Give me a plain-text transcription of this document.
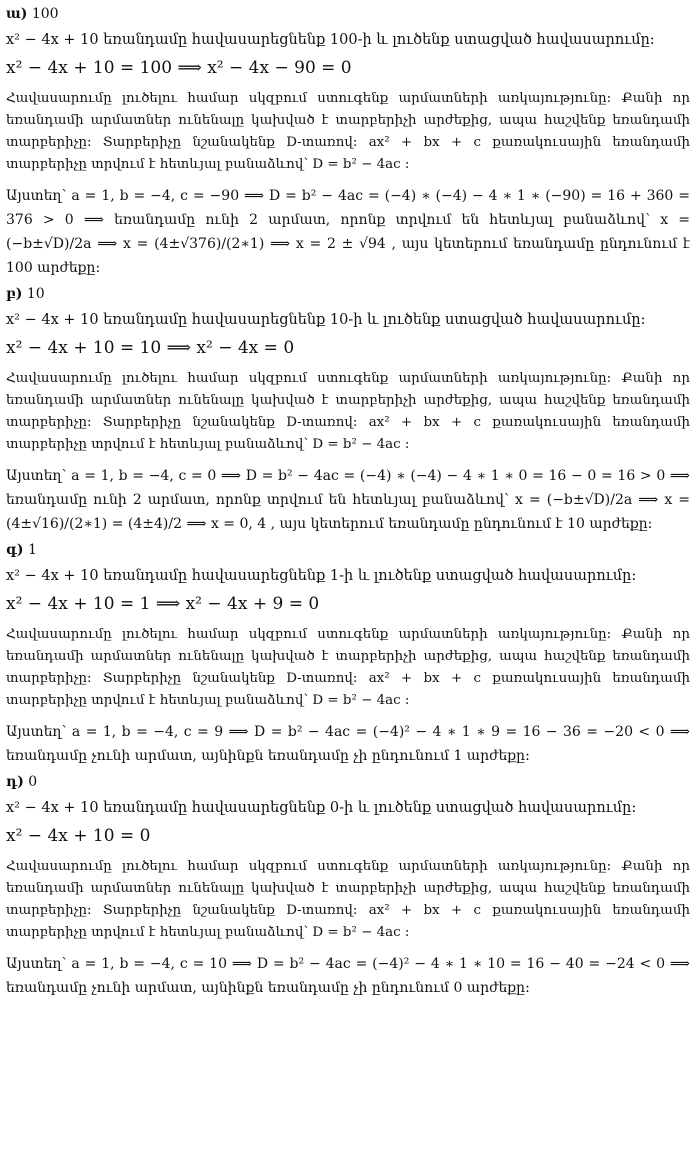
ա) 100
x² − 4x + 10 եռանդամը հավասարեցնենք 100-ի և լուծենք ստացված հավասարումը:
x² − 4x + 10 = 100 ⟹ x² − 4x − 90 = 0

Հավասարումը լուծելու համար սկզբում ստուգենք արմատների առկայությունը: Քանի որ եռանդամի արմատներ ունենալը կախված է տարբերիչի արժեքից, ապա հաշվենք եռանդամի տարբերիչը: Տարբերիչը նշանակենք D-տառով: ax² + bx + c քառակուսային եռանդամի տարբերիչը տրվում է հետևյալ բանաձևով՝ D = b² − 4ac :

Այստեղ՝ a = 1, b = −4, c = −90 ⟹ D = b² − 4ac = (−4) ∗ (−4) − 4 ∗ 1 ∗ (−90) = 16 + 360 = 376 > 0 ⟹ եռանդամը ունի 2 արմատ, որոնք տրվում են հետևյալ բանաձևով՝ x = (−b±√D)/2a ⟹ x = (4±√376)/(2∗1) ⟹ x = 2 ± √94 , այս կետերում եռանդամը ընդունում է 100 արժեքը:

բ) 10
x² − 4x + 10 եռանդամը հավասարեցնենք 10-ի և լուծենք ստացված հավասարումը:
x² − 4x + 10 = 10 ⟹ x² − 4x = 0

Հավասարումը լուծելու համար սկզբում ստուգենք արմատների առկայությունը: Քանի որ եռանդամի արմատներ ունենալը կախված է տարբերիչի արժեքից, ապա հաշվենք եռանդամի տարբերիչը: Տարբերիչը նշանակենք D-տառով: ax² + bx + c քառակուսային եռանդամի տարբերիչը տրվում է հետևյալ բանաձևով՝ D = b² − 4ac :

Այստեղ՝ a = 1, b = −4, c = 0 ⟹ D = b² − 4ac = (−4) ∗ (−4) − 4 ∗ 1 ∗ 0 = 16 − 0 = 16 > 0 ⟹ եռանդամը ունի 2 արմատ, որոնք տրվում են հետևյալ բանաձևով՝ x = (−b±√D)/2a ⟹ x = (4±√16)/(2∗1) = (4±4)/2 ⟹ x = 0, 4 , այս կետերում եռանդամը ընդունում է 10 արժեքը:

գ) 1
x² − 4x + 10 եռանդամը հավասարեցնենք 1-ի և լուծենք ստացված հավասարումը:
x² − 4x + 10 = 1 ⟹ x² − 4x + 9 = 0

Հավասարումը լուծելու համար սկզբում ստուգենք արմատների առկայությունը: Քանի որ եռանդամի արմատներ ունենալը կախված է տարբերիչի արժեքից, ապա հաշվենք եռանդամի տարբերիչը: Տարբերիչը նշանակենք D-տառով: ax² + bx + c քառակուսային եռանդամի տարբերիչը տրվում է հետևյալ բանաձևով՝ D = b² − 4ac :

Այստեղ՝ a = 1, b = −4, c = 9 ⟹ D = b² − 4ac = (−4)² − 4 ∗ 1 ∗ 9 = 16 − 36 = −20 < 0 ⟹ եռանդամը չունի արմատ, այնինքն եռանդամը չի ընդունում 1 արժեքը:

դ) 0
x² − 4x + 10 եռանդամը հավասարեցնենք 0-ի և լուծենք ստացված հավասարումը:
x² − 4x + 10 = 0

Հավասարումը լուծելու համար սկզբում ստուգենք արմատների առկայությունը: Քանի որ եռանդամի արմատներ ունենալը կախված է տարբերիչի արժեքից, ապա հաշվենք եռանդամի տարբերիչը: Տարբերիչը նշանակենք D-տառով: ax² + bx + c քառակուսային եռանդամի տարբերիչը տրվում է հետևյալ բանաձևով՝ D = b² − 4ac :

Այստեղ՝ a = 1, b = −4, c = 10 ⟹ D = b² − 4ac = (−4)² − 4 ∗ 1 ∗ 10 = 16 − 40 = −24 < 0 ⟹ եռանդամը չունի արմատ, այնինքն եռանդամը չի ընդունում 0 արժեքը:
